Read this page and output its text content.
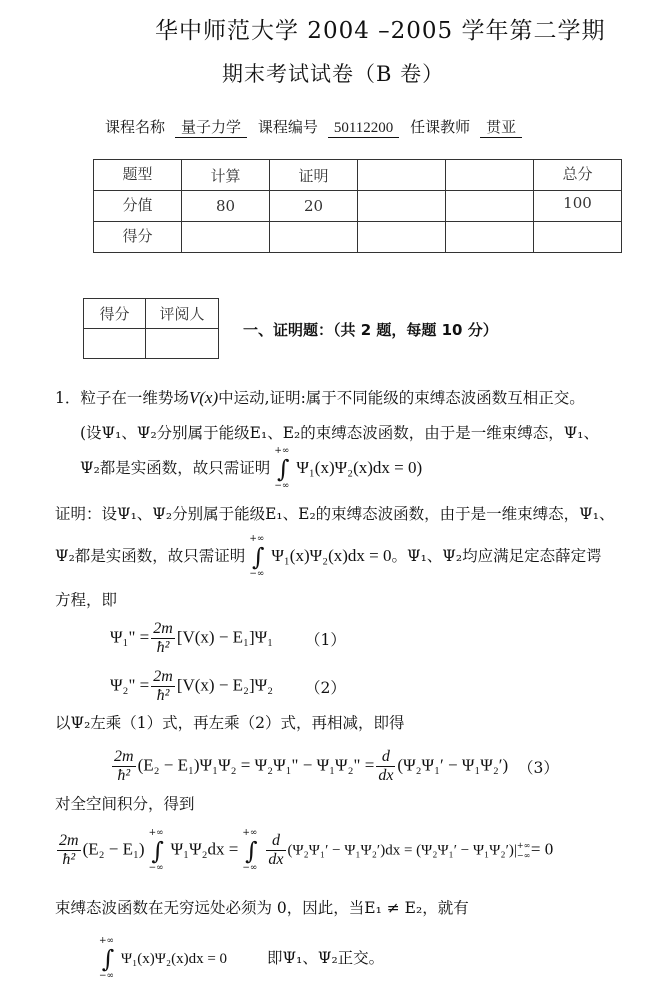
华中师范大学 2004 –2005 学年第二学期
期末考试试卷（B 卷）
课程名称 量子力学 课程编号 50112200 任课教师 贯亚
题型	计算	证明			总分
分值	80	20			100
得分					
得分	评阅人

一、证明题：（共 2 题，每题 10 分）
1．粒子在一维势场V(x)中运动,证明:属于不同能级的束缚态波函数互相正交。
(设Ψ₁、Ψ₂分别属于能级E₁、E₂的束缚态波函数，由于是一维束缚态，Ψ₁、
Ψ₂都是实函数，故只需证明 ∫
+∞
−∞
Ψ₁(x)Ψ₂(x)dx = 0)
证明：设Ψ₁、Ψ₂分别属于能级E₁、E₂的束缚态波函数，由于是一维束缚态，Ψ₁、
Ψ₂都是实函数，故只需证明 ∫
+∞
−∞
Ψ₁(x)Ψ₂(x)dx = 0。Ψ₁、Ψ₂均应满足定态薛定谔
方程，即
Ψ₁" = $\frac{2m}{\text{ħ²}} [V(x) - E_1]\Psi_1$ （1）
Ψ₂" = $\frac{2m}{\text{ħ²}} [V(x) - E_2]\Psi_2$ （2）
以Ψ₂左乘（1）式，再左乘（2）式，再相减，即得
$\frac{2m}{\text{ħ²}} (E_2 - E_1)\Psi_1\Psi_2 = \Psi_2\Psi_1$" − Ψ₁Ψ₂" = $\frac{d}{dx} (\Psi_2\Psi_1' - \Psi_1\Psi_2')$ （3）
对全空间积分，得到
$\frac{2m}{\text{ħ²}} (E_2 - E_1)$ ∫
+∞
−∞
Ψ₁Ψ₂dx = ∫
+∞
−∞ $\frac{d}{dx} (\Psi_2\Psi_1' - \Psi_1\Psi_2')dx = (\Psi_2\Psi_1' - \Psi_1\Psi_2')|+\infty$ −∞= 0
束缚态波函数在无穷远处必须为 0，因此，当E₁ ≠ E₂，就有
∫
+∞
−∞
Ψ₁(x)Ψ₂(x)dx = 0	即Ψ₁、Ψ₂正交。
